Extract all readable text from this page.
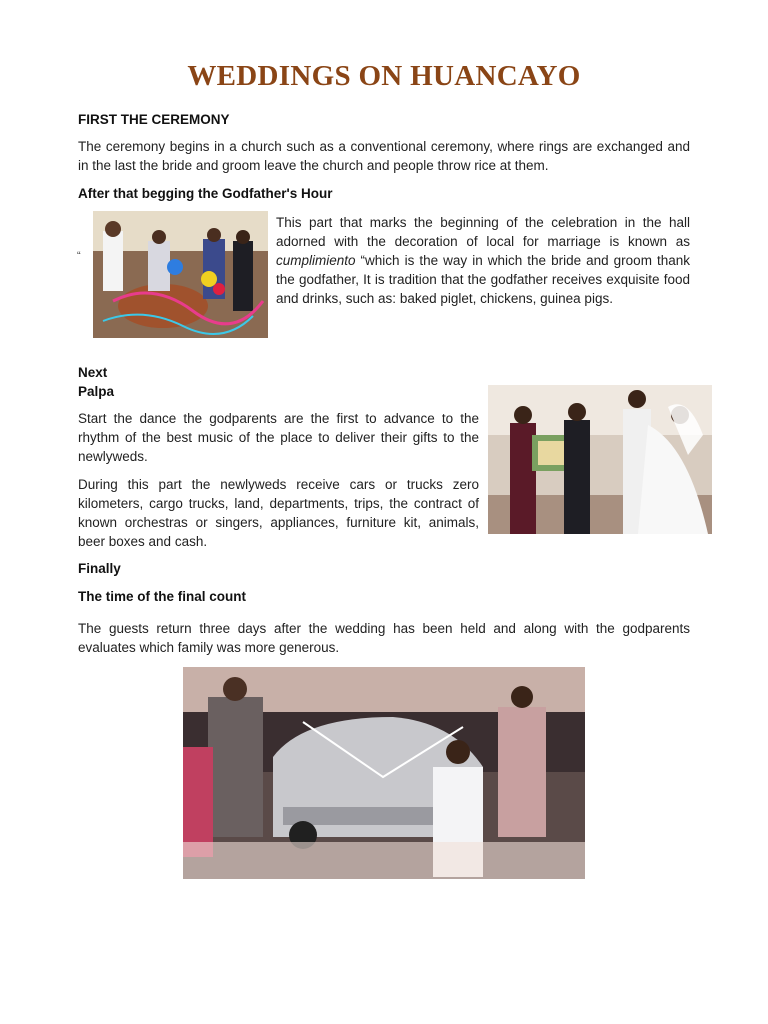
WEDDINGS ON HUANCAYO

FIRST THE CEREMONY

The ceremony begins in a church such as a conventional ceremony, where rings are exchanged and in the last the bride and groom leave the church and people throw rice at them.

After that begging the Godfather's Hour

“

This part that marks the beginning of the celebration in the hall adorned with the decoration of local for marriage is known as cumplimiento “which is the way in which the bride and groom thank the godfather, It is tradition that the godfather receives exquisite food and drinks, such as: baked piglet, chickens, guinea pigs.

Next

Palpa

Start the dance the godparents are the first to advance to the rhythm of the best music of the place to deliver their gifts to the newlyweds.

During this part the newlyweds receive cars or trucks zero kilometers, cargo trucks, land, departments, trips, the contract of known orchestras or singers, appliances, furniture kit, animals, beer boxes and cash.

Finally

The time of the final count

The guests return three days after the wedding has been held and along with the godparents evaluates which family was more generous.
